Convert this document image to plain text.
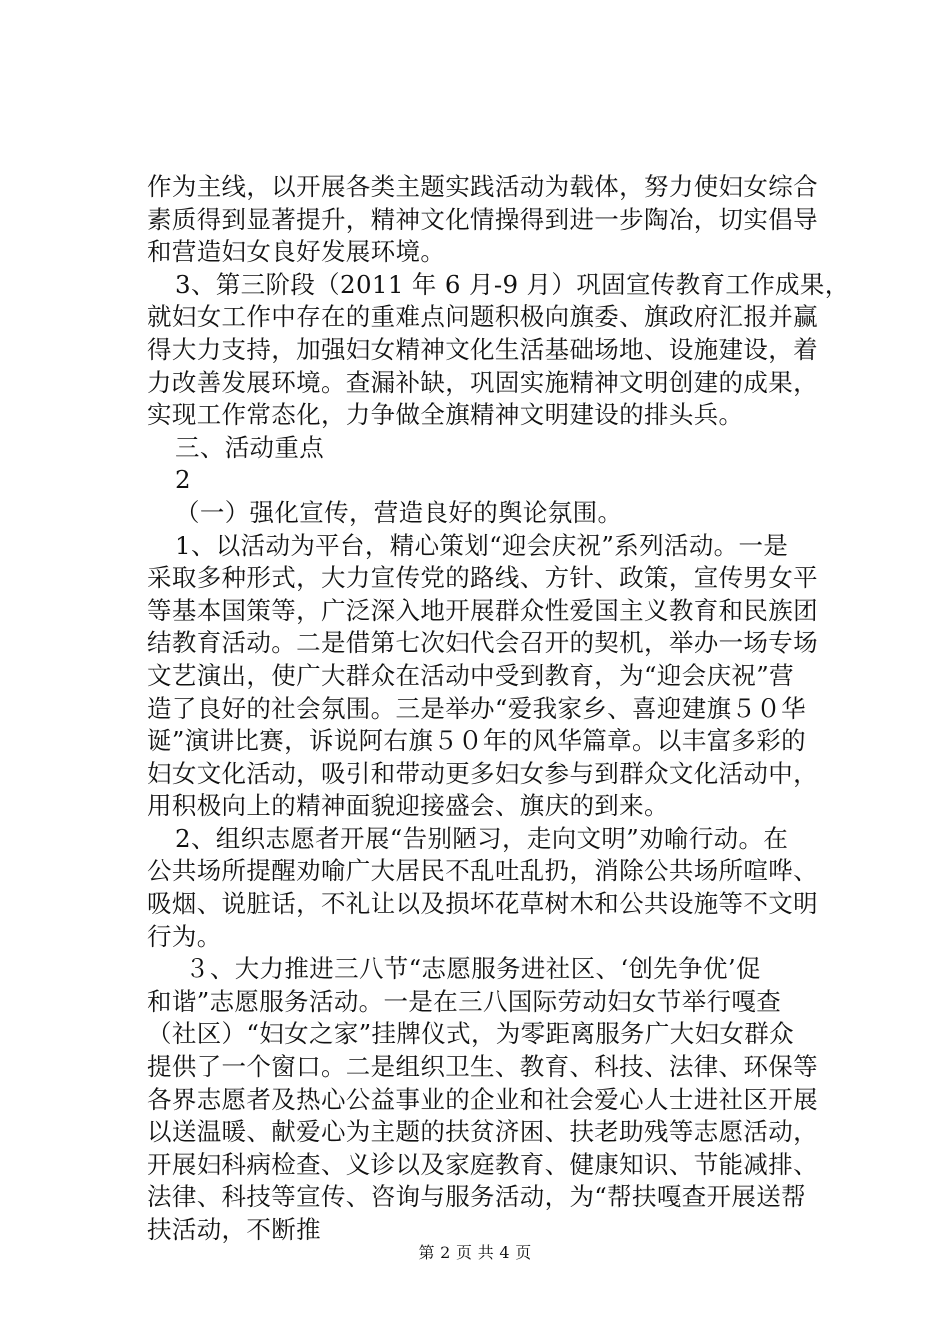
作为主线，以开展各类主题实践活动为载体，努力使妇女综合
素质得到显著提升，精神文化情操得到进一步陶冶，切实倡导
和营造妇女良好发展环境。
3、第三阶段（2011 年 6 月-9 月）巩固宣传教育工作成果，
就妇女工作中存在的重难点问题积极向旗委、旗政府汇报并赢
得大力支持，加强妇女精神文化生活基础场地、设施建设，着
力改善发展环境。查漏补缺，巩固实施精神文明创建的成果，
实现工作常态化，力争做全旗精神文明建设的排头兵。
三、活动重点
2
（一）强化宣传，营造良好的舆论氛围。
1、以活动为平台，精心策划“迎会庆祝”系列活动。一是
采取多种形式，大力宣传党的路线、方针、政策，宣传男女平
等基本国策等，广泛深入地开展群众性爱国主义教育和民族团
结教育活动。二是借第七次妇代会召开的契机，举办一场专场
文艺演出，使广大群众在活动中受到教育，为“迎会庆祝”营
造了良好的社会氛围。三是举办“爱我家乡、喜迎建旗５０华
诞”演讲比赛，诉说阿右旗５０年的风华篇章。以丰富多彩的
妇女文化活动，吸引和带动更多妇女参与到群众文化活动中，
用积极向上的精神面貌迎接盛会、旗庆的到来。
2、组织志愿者开展“告别陋习，走向文明”劝喻行动。在
公共场所提醒劝喻广大居民不乱吐乱扔，消除公共场所喧哗、
吸烟、说脏话，不礼让以及损坏花草树木和公共设施等不文明
行为。
３、大力推进三八节“志愿服务进社区、‘创先争优’促
和谐”志愿服务活动。一是在三八国际劳动妇女节举行嘎查
（社区）“妇女之家”挂牌仪式，为零距离服务广大妇女群众
提供了一个窗口。二是组织卫生、教育、科技、法律、环保等
各界志愿者及热心公益事业的企业和社会爱心人士进社区开展
以送温暖、献爱心为主题的扶贫济困、扶老助残等志愿活动，
开展妇科病检查、义诊以及家庭教育、健康知识、节能减排、
法律、科技等宣传、咨询与服务活动，为“帮扶嘎查开展送帮
扶活动，不断推
第 2 页 共 4 页
